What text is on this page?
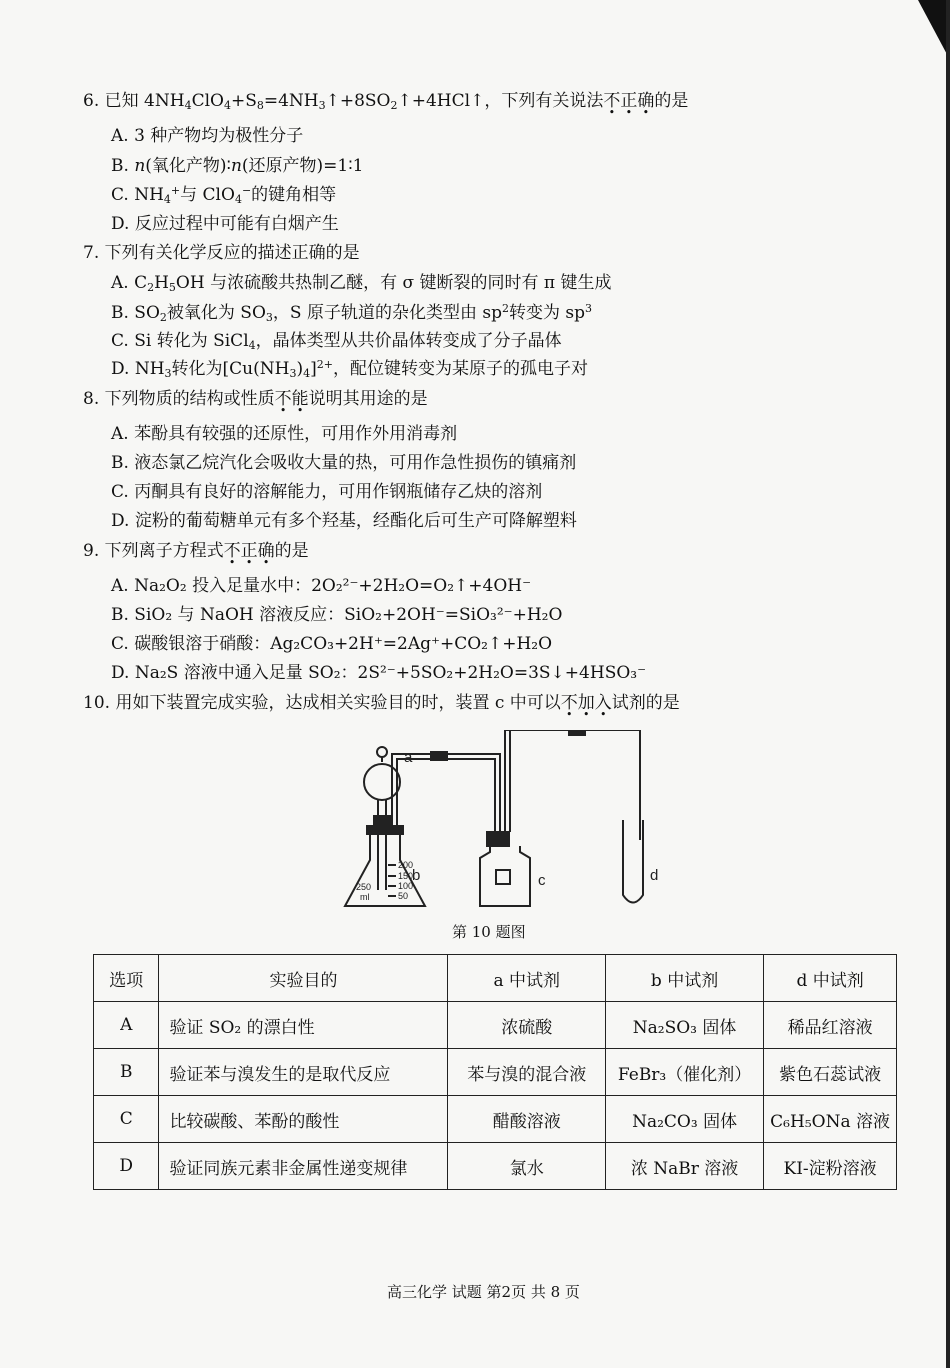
6. 已知 $4NH_4ClO_4+S_8=4NH_3↑+8SO_2↑+4HCl↑$，下列有关说法不正确的是
A. 3 种产物均为极性分子
B. n(氧化产物)∶n(还原产物)=1∶1
C. $NH_4^+$与 ClO$_4$−的键角相等
D. 反应过程中可能有白烟产生
7. 下列有关化学反应的描述正确的是
A. $C_2H_5OH$ 与浓硫酸共热制乙醚，有 σ 键断裂的同时有 π 键生成
B. $SO_2$被氧化为 $SO_3$，S 原子轨道的杂化类型由 $sp^2$转变为 $sp^3$
C. Si 转化为 SiCl$_4$，晶体类型从共价晶体转变成了分子晶体
D. $NH_3$转化为$[Cu(NH_3)_4]^{2+}$，配位键转变为某原子的孤电子对
8. 下列物质的结构或性质不能说明其用途的是
A. 苯酚具有较强的还原性，可用作外用消毒剂
B. 液态氯乙烷汽化会吸收大量的热，可用作急性损伤的镇痛剂
C. 丙酮具有良好的溶解能力，可用作钢瓶储存乙炔的溶剂
D. 淀粉的葡萄糖单元有多个羟基，经酯化后可生产可降解塑料
9. 下列离子方程式不正确的是
A. Na₂O₂ 投入足量水中：2O₂²⁻+2H₂O=O₂↑+4OH⁻
B. SiO₂ 与 NaOH 溶液反应：SiO₂+2OH⁻=SiO₃²⁻+H₂O
C. 碳酸银溶于硝酸：Ag₂CO₃+2H⁺=2Ag⁺+CO₂↑+H₂O
D. Na₂S 溶液中通入足量 SO₂：2S²⁻+5SO₂+2H₂O=3S↓+4HSO₃⁻
10. 用如下装置完成实验，达成相关实验目的时，装置 c 中可以不加入试剂的是
a
b	c	d
250
ml
200
150
100
50
第 10 题图
选项	实验目的	a 中试剂	b 中试剂	d 中试剂
A	验证 SO₂ 的漂白性	浓硫酸	Na₂SO₃ 固体	稀品红溶液
B	验证苯与溴发生的是取代反应	苯与溴的混合液	FeBr₃（催化剂）	紫色石蕊试液
C	比较碳酸、苯酚的酸性	醋酸溶液	Na₂CO₃ 固体	C₆H₅ONa 溶液
D	验证同族元素非金属性递变规律	氯水	浓 NaBr 溶液	KI-淀粉溶液
高三化学 试题 第2页 共 8 页
